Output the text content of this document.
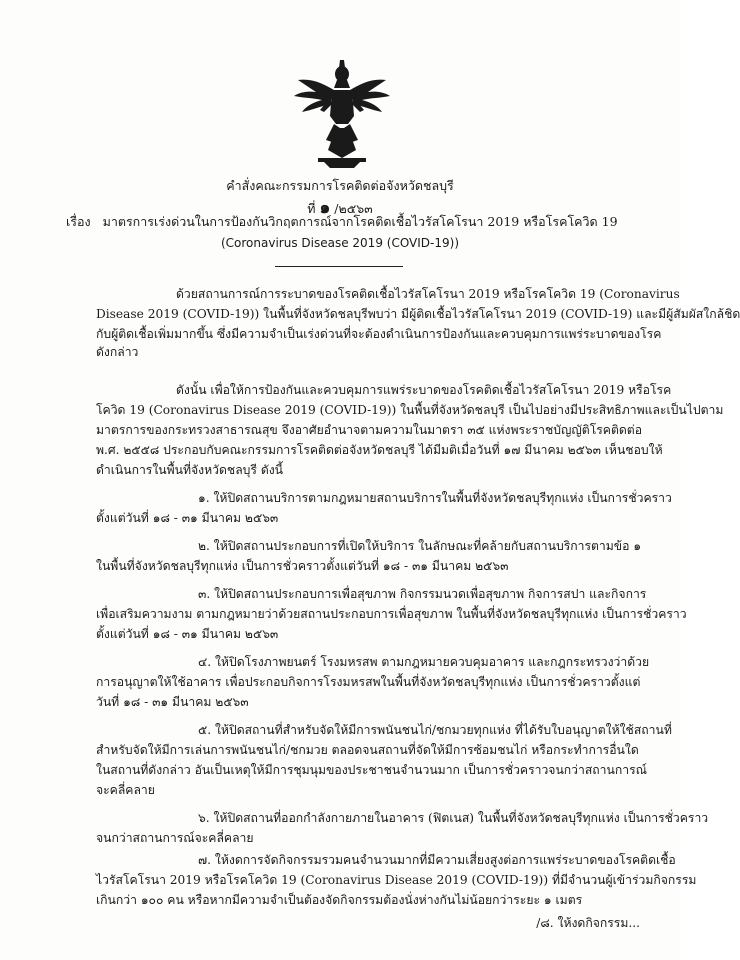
คำสั่งคณะกรรมการโรคติดต่อจังหวัดชลบุรี
ที่ ๑ /๒๕๖๓
เรื่อง มาตรการเร่งด่วนในการป้องกันวิกฤตการณ์จากโรคติดเชื้อไวรัสโคโรนา 2019 หรือโรคโควิด 19
(Coronavirus Disease 2019 (COVID-19))
ด้วยสถานการณ์การระบาดของโรคติดเชื้อไวรัสโคโรนา 2019 หรือโรคโควิด 19 (Coronavirus
Disease 2019 (COVID-19)) ในพื้นที่จังหวัดชลบุรีพบว่า มีผู้ติดเชื้อไวรัสโคโรนา 2019 (COVID-19) และมีผู้สัมผัสใกล้ชิด
กับผู้ติดเชื้อเพิ่มมากขึ้น ซึ่งมีความจำเป็นเร่งด่วนที่จะต้องดำเนินการป้องกันและควบคุมการแพร่ระบาดของโรค
ดังกล่าว
ดังนั้น เพื่อให้การป้องกันและควบคุมการแพร่ระบาดของโรคติดเชื้อไวรัสโคโรนา 2019 หรือโรค
โควิด 19 (Coronavirus Disease 2019 (COVID-19)) ในพื้นที่จังหวัดชลบุรี เป็นไปอย่างมีประสิทธิภาพและเป็นไปตาม
มาตรการของกระทรวงสาธารณสุข จึงอาศัยอำนาจตามความในมาตรา ๓๕ แห่งพระราชบัญญัติโรคติดต่อ
พ.ศ. ๒๕๕๘ ประกอบกับคณะกรรมการโรคติดต่อจังหวัดชลบุรี ได้มีมติเมื่อวันที่ ๑๗ มีนาคม ๒๕๖๓ เห็นชอบให้
ดำเนินการในพื้นที่จังหวัดชลบุรี ดังนี้
๑. ให้ปิดสถานบริการตามกฎหมายสถานบริการในพื้นที่จังหวัดชลบุรีทุกแห่ง เป็นการชั่วคราว
ตั้งแต่วันที่ ๑๘ - ๓๑ มีนาคม ๒๕๖๓
๒. ให้ปิดสถานประกอบการที่เปิดให้บริการ ในลักษณะที่คล้ายกับสถานบริการตามข้อ ๑
ในพื้นที่จังหวัดชลบุรีทุกแห่ง เป็นการชั่วคราวตั้งแต่วันที่ ๑๘ - ๓๑ มีนาคม ๒๕๖๓
๓. ให้ปิดสถานประกอบการเพื่อสุขภาพ กิจกรรมนวดเพื่อสุขภาพ กิจการสปา และกิจการ
เพื่อเสริมความงาม ตามกฎหมายว่าด้วยสถานประกอบการเพื่อสุขภาพ ในพื้นที่จังหวัดชลบุรีทุกแห่ง เป็นการชั่วคราว
ตั้งแต่วันที่ ๑๘ - ๓๑ มีนาคม ๒๕๖๓
๔. ให้ปิดโรงภาพยนตร์ โรงมหรสพ ตามกฎหมายควบคุมอาคาร และกฎกระทรวงว่าด้วย
การอนุญาตให้ใช้อาคาร เพื่อประกอบกิจการโรงมหรสพในพื้นที่จังหวัดชลบุรีทุกแห่ง เป็นการชั่วคราวตั้งแต่
วันที่ ๑๘ - ๓๑ มีนาคม ๒๕๖๓
๕. ให้ปิดสถานที่สำหรับจัดให้มีการพนันชนไก่/ชกมวยทุกแห่ง ที่ได้รับใบอนุญาตให้ใช้สถานที่
สำหรับจัดให้มีการเล่นการพนันชนไก่/ชกมวย ตลอดจนสถานที่จัดให้มีการซ้อมชนไก่ หรือกระทำการอื่นใด
ในสถานที่ดังกล่าว อันเป็นเหตุให้มีการชุมนุมของประชาชนจำนวนมาก เป็นการชั่วคราวจนกว่าสถานการณ์
จะคลี่คลาย
๖. ให้ปิดสถานที่ออกกำลังกายภายในอาคาร (ฟิตเนส) ในพื้นที่จังหวัดชลบุรีทุกแห่ง เป็นการชั่วคราว
จนกว่าสถานการณ์จะคลี่คลาย
๗. ให้งดการจัดกิจกรรมรวมคนจำนวนมากที่มีความเสี่ยงสูงต่อการแพร่ระบาดของโรคติดเชื้อ
ไวรัสโคโรนา 2019 หรือโรคโควิด 19 (Coronavirus Disease 2019 (COVID-19)) ที่มีจำนวนผู้เข้าร่วมกิจกรรม
เกินกว่า ๑๐๐ คน หรือหากมีความจำเป็นต้องจัดกิจกรรมต้องนั่งห่างกันไม่น้อยกว่าระยะ ๑ เมตร
/๘. ให้งดกิจกรรม...
